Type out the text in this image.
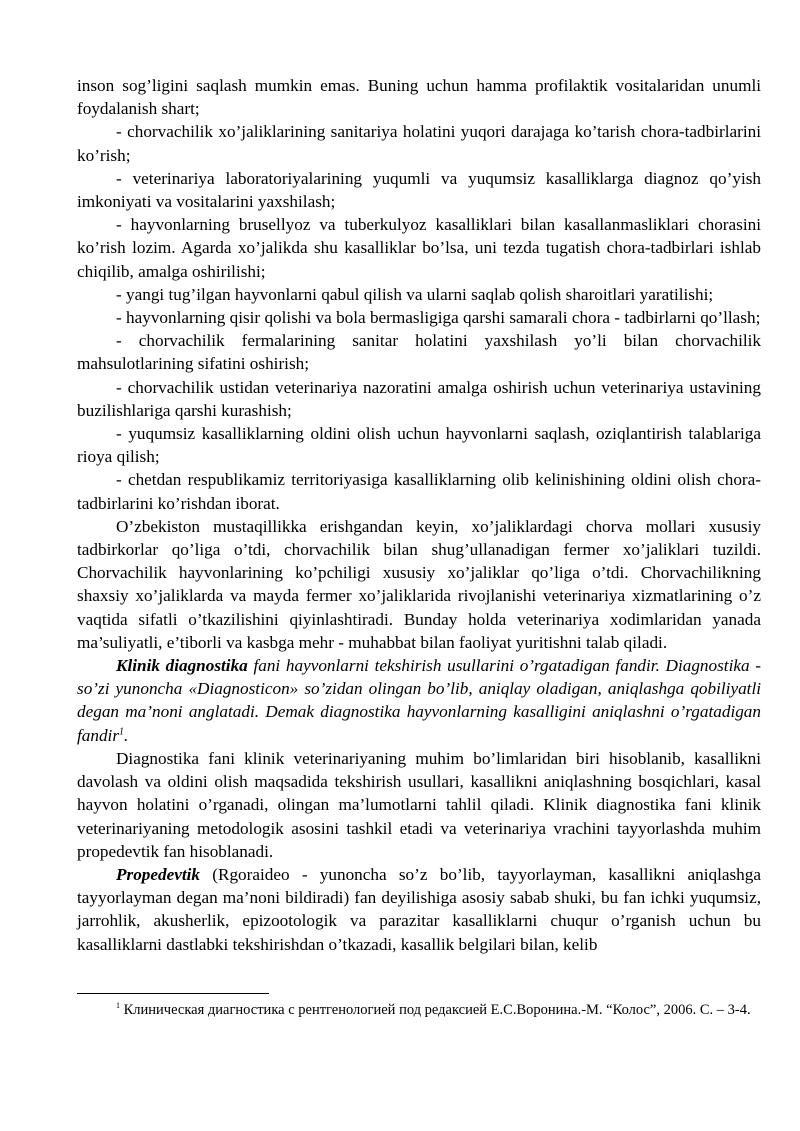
inson sog’ligini saqlash mumkin emas. Buning uchun hamma profilaktik vositalaridan unumli foydalanish shart;

- chorvachilik xo’jaliklarining sanitariya holatini yuqori darajaga ko’tarish chora-tadbirlarini ko’rish;

- veterinariya laboratoriyalarining yuqumli va yuqumsiz kasalliklarga diagnoz qo’yish imkoniyati va vositalarini yaxshilash;

- hayvonlarning brusellyoz va tuberkulyoz kasalliklari bilan kasallanmasliklari chorasini ko’rish lozim. Agarda xo’jalikda shu kasalliklar bo’lsa, uni tezda tugatish chora-tadbirlari ishlab chiqilib, amalga oshirilishi;

- yangi tug’ilgan hayvonlarni qabul qilish va ularni saqlab qolish sharoitlari yaratilishi;

- hayvonlarning qisir qolishi va bola bermasligiga qarshi samarali chora - tadbirlarni qo’llash;

- chorvachilik fermalarining sanitar holatini yaxshilash yo’li bilan chorvachilik mahsulotlarining sifatini oshirish;

- chorvachilik ustidan veterinariya nazoratini amalga oshirish uchun veterinariya ustavining buzilishlariga qarshi kurashish;

- yuqumsiz kasalliklarning oldini olish uchun hayvonlarni saqlash, oziqlantirish talablariga rioya qilish;

- chetdan respublikamiz territoriyasiga kasalliklarning olib kelinishining oldini olish chora-tadbirlarini ko’rishdan iborat.

O’zbekiston mustaqillikka erishgandan keyin, xo’jaliklardagi chorva mollari xususiy tadbirkorlar qo’liga o’tdi, chorvachilik bilan shug’ullanadigan fermer xo’jaliklari tuzildi. Chorvachilik hayvonlarining ko’pchiligi xususiy xo’jaliklar qo’liga o’tdi. Chorvachilikning shaxsiy xo’jaliklarda va mayda fermer xo’jaliklarida rivojlanishi veterinariya xizmatlarining o’z vaqtida sifatli o’tkazilishini qiyinlashtiradi. Bunday holda veterinariya xodimlaridan yanada ma’suliyatli, e’tiborli va kasbga mehr - muhabbat bilan faoliyat yuritishni talab qiladi.

Klinik diagnostika fani hayvonlarni tekshirish usullarini o’rgatadigan fandir. Diagnostika - so’zi yunoncha «Diagnosticon» so’zidan olingan bo’lib, aniqlay oladigan, aniqlashga qobiliyatli degan ma’noni anglatadi. Demak diagnostika hayvonlarning kasalligini aniqlashni o’rgatadigan fandir$^1$.

Diagnostika fani klinik veterinariyaning muhim bo’limlaridan biri hisoblanib, kasallikni davolash va oldini olish maqsadida tekshirish usullari, kasallikni aniqlashning bosqichlari, kasal hayvon holatini o’rganadi, olingan ma’lumotlarni tahlil qiladi. Klinik diagnostika fani klinik veterinariyaning metodologik asosini tashkil etadi va veterinariya vrachini tayyorlashda muhim propedevtik fan hisoblanadi.

Propedevtik (Rgoraideo - yunoncha so’z bo’lib, tayyorlayman, kasallikni aniqlashga tayyorlayman degan ma’noni bildiradi) fan deyilishiga asosiy sabab shuki, bu fan ichki yuqumsiz, jarrohlik, akusherlik, epizootologik va parazitar kasalliklarni chuqur o’rganish uchun bu kasalliklarni dastlabki tekshirishdan o’tkazadi, kasallik belgilari bilan, kelib

$^1$ Клиническая диагностика с рентгенологией под редаксией Е.С.Воронина.-М. “Колос”, 2006. С. – 3-4.
